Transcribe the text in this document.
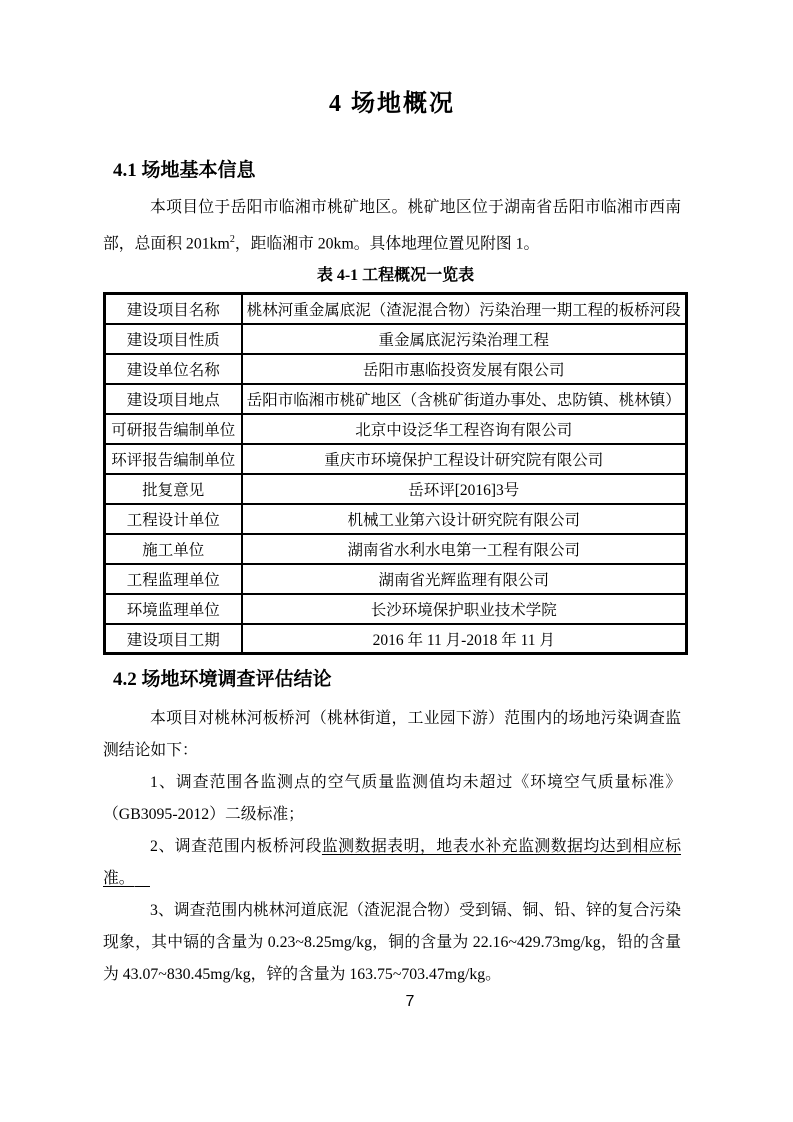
4 场地概况
4.1 场地基本信息

本项目位于岳阳市临湘市桃矿地区。桃矿地区位于湖南省岳阳市临湘市西南部，总面积 $201km^2$，距临湘市 20km。具体地理位置见附图 1。

表 4-1 工程概况一览表
建设项目名称	桃林河重金属底泥（渣泥混合物）污染治理一期工程的板桥河段
建设项目性质	重金属底泥污染治理工程
建设单位名称	岳阳市惠临投资发展有限公司
建设项目地点	岳阳市临湘市桃矿地区（含桃矿街道办事处、忠防镇、桃林镇）
可研报告编制单位	北京中设泛华工程咨询有限公司
环评报告编制单位	重庆市环境保护工程设计研究院有限公司
批复意见	岳环评[2016]3号
工程设计单位	机械工业第六设计研究院有限公司
施工单位	湖南省水利水电第一工程有限公司
工程监理单位	湖南省光辉监理有限公司
环境监理单位	长沙环境保护职业技术学院
建设项目工期	2016 年 11 月-2018 年 11 月
4.2 场地环境调查评估结论

本项目对桃林河板桥河（桃林街道，工业园下游）范围内的场地污染调查监测结论如下：

1、调查范围各监测点的空气质量监测值均未超过《环境空气质量标准》（GB3095-2012）二级标准；

2、调查范围内板桥河段监测数据表明，地表水补充监测数据均达到相应标准。

3、调查范围内桃林河道底泥（渣泥混合物）受到镉、铜、铅、锌的复合污染现象，其中镉的含量为 0.23~8.25mg/kg，铜的含量为 22.16~429.73mg/kg，铅的含量为 43.07~830.45mg/kg，锌的含量为 163.75~703.47mg/kg。

7
